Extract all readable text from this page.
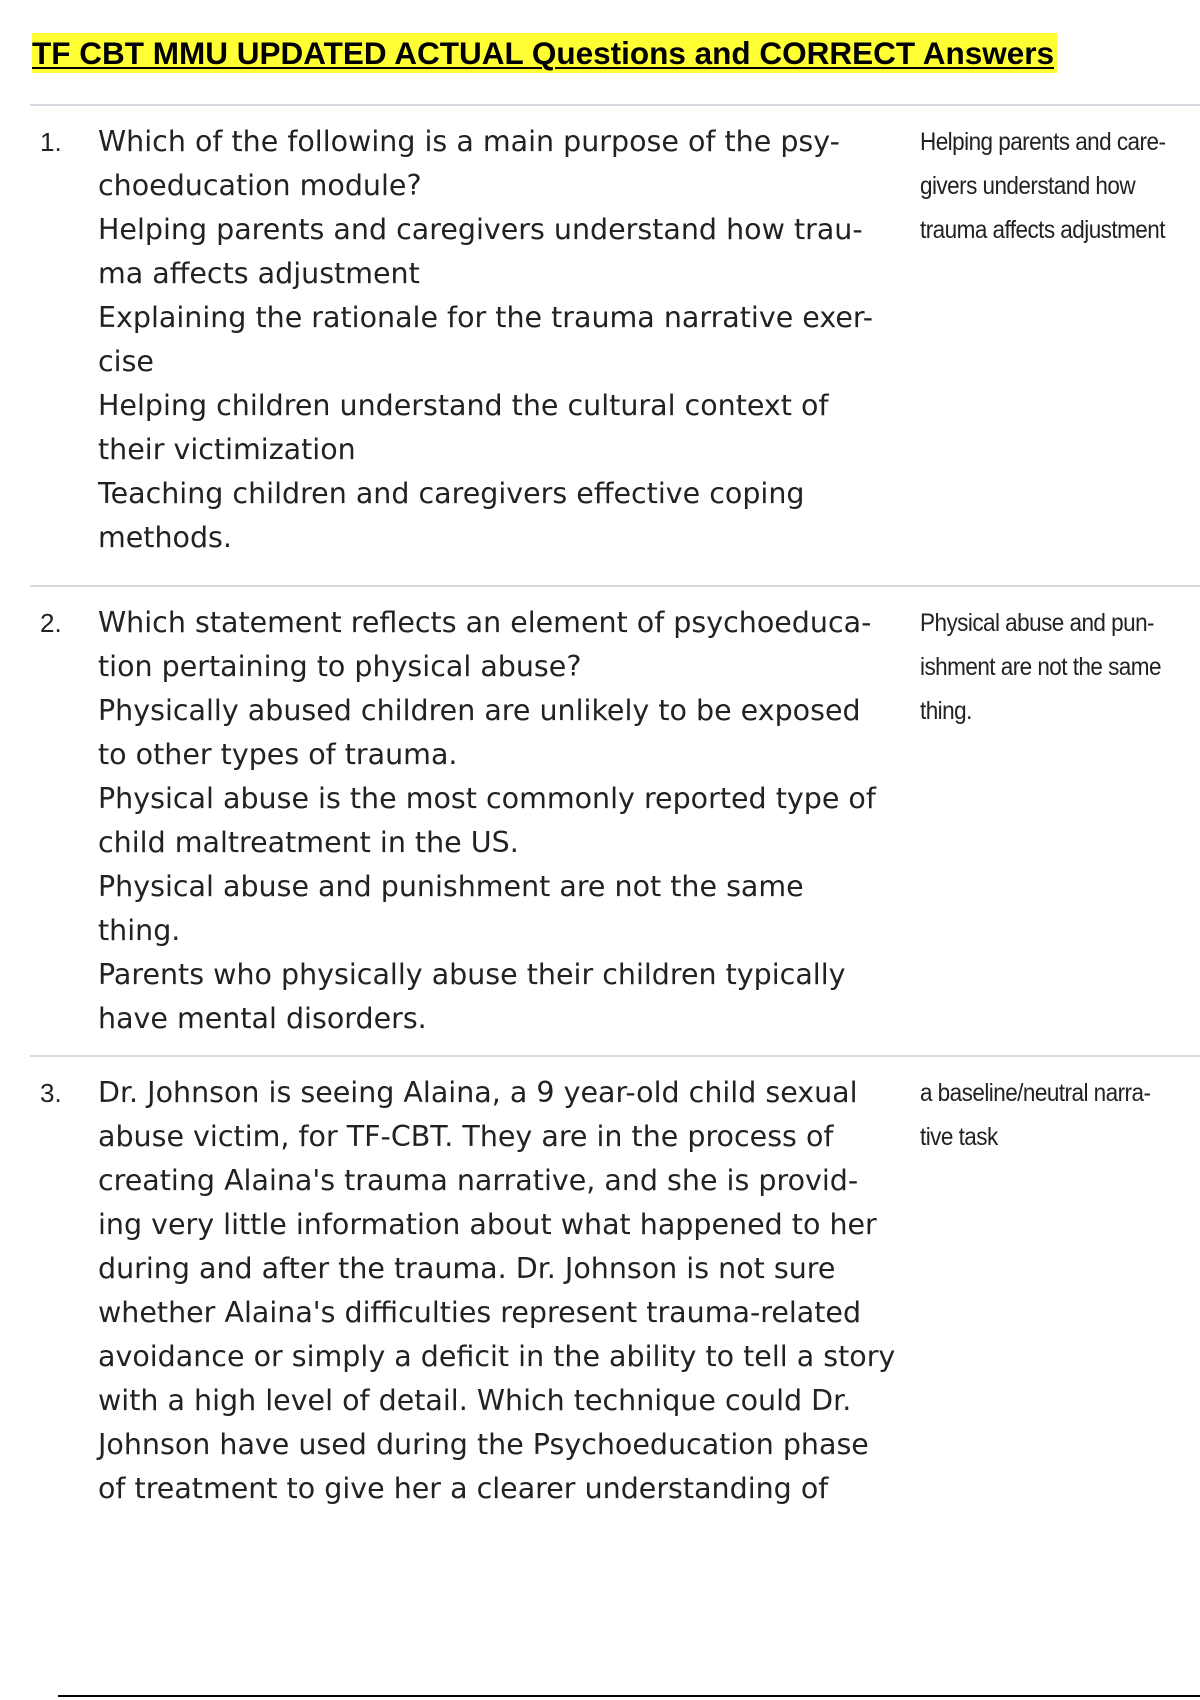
TF CBT MMU UPDATED ACTUAL Questions and CORRECT Answers
1. Which of the following is a main purpose of the psy-

choeducation module?

Helping parents and caregivers understand how trau-

ma affects adjustment

Explaining the rationale for the trauma narrative exer-

cise

Helping children understand the cultural context of

their victimization

Teaching children and caregivers effective coping

methods.

Helping parents and care-
givers understand how
trauma affects adjustment
2. Which statement reflects an element of psychoeduca-

tion pertaining to physical abuse?

Physically abused children are unlikely to be exposed

to other types of trauma.

Physical abuse is the most commonly reported type of

child maltreatment in the US.

Physical abuse and punishment are not the same

thing.

Parents who physically abuse their children typically

have mental disorders.

Physical abuse and pun-
ishment are not the same
thing.
3. Dr. Johnson is seeing Alaina, a 9 year-old child sexual

abuse victim, for TF-CBT. They are in the process of

creating Alaina's trauma narrative, and she is provid-

ing very little information about what happened to her

during and after the trauma. Dr. Johnson is not sure

whether Alaina's difficulties represent trauma-related

avoidance or simply a deficit in the ability to tell a story

with a high level of detail. Which technique could Dr.

Johnson have used during the Psychoeducation phase

of treatment to give her a clearer understanding of

a baseline/neutral narra-
tive task
